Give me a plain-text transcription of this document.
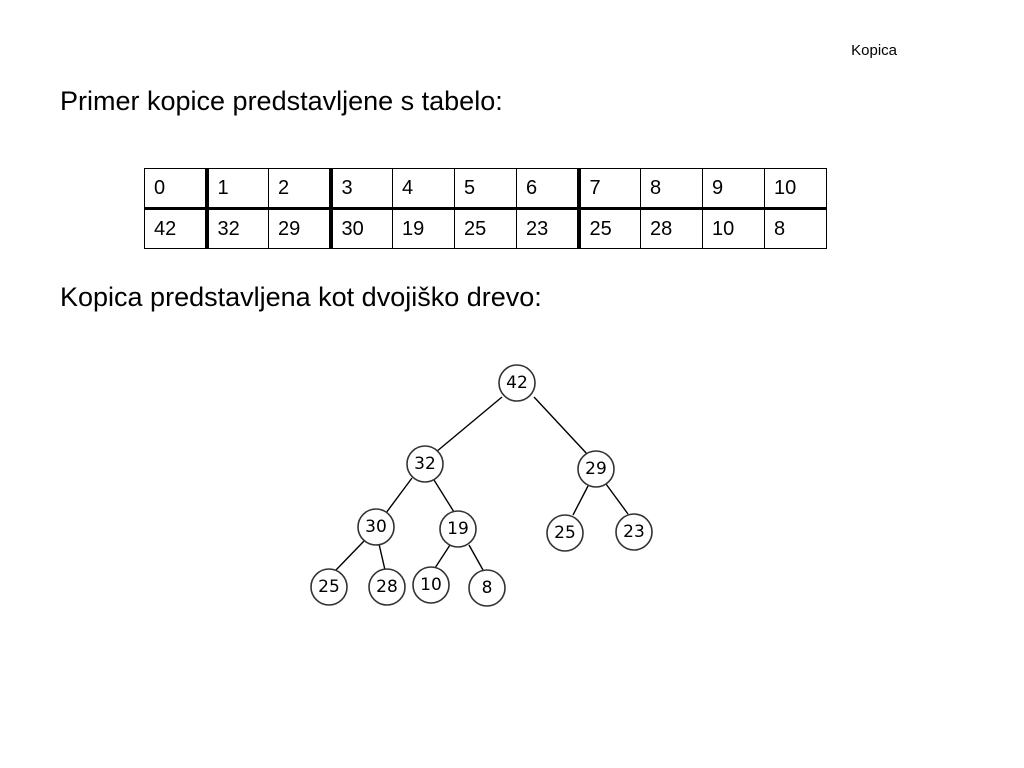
Kopica
Primer kopice predstavljene s tabelo:
0	1	2	3	4	5	6	7	8	9	10
42	32	29	30	19	25	23	25	28	10	8
Kopica predstavljena kot dvojiško drevo:
42
32	29
30	19	25	23
25 28 10 8
